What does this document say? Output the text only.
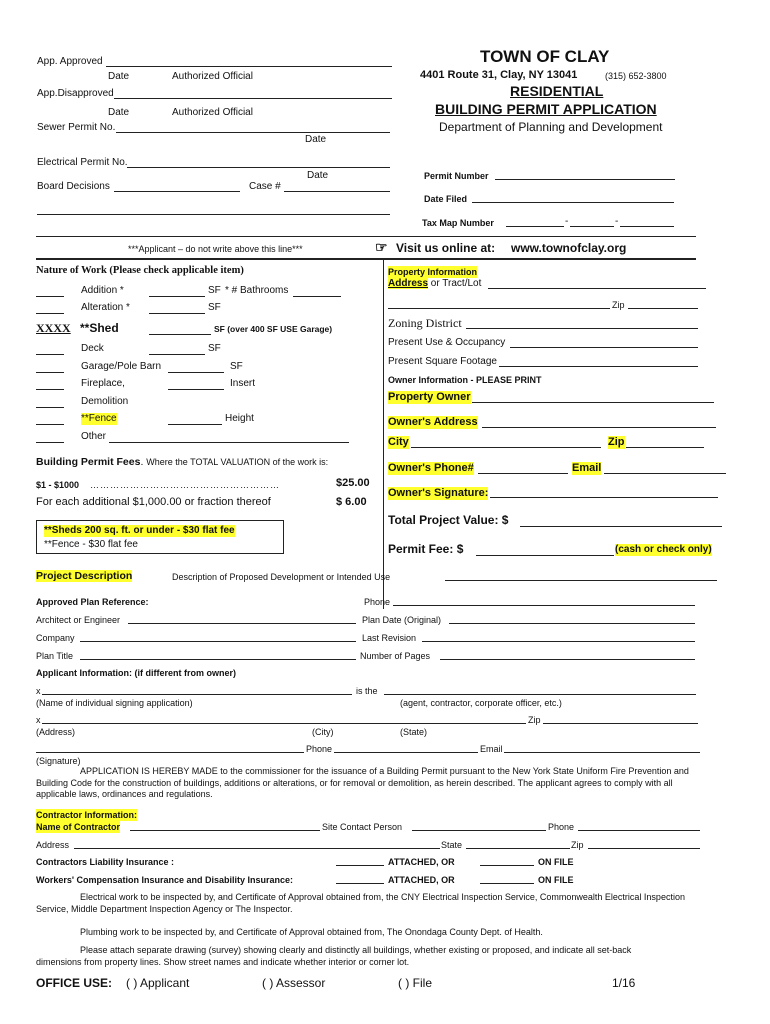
App. Approved
Date	Authorized Official
App.Disapproved
Date	Authorized Official
Sewer Permit No.
Date
Electrical Permit No.
Date
Board Decisions	Case #
TOWN OF CLAY
4401 Route 31, Clay, NY 13041	(315) 652-3800
RESIDENTIAL
BUILDING PERMIT APPLICATION
Department of Planning and Development
Permit Number
Date Filed
Tax Map Number	-	-
***Applicant – do not write above this line***	☞ Visit us online at: www.townofclay.org
Nature of Work (Please check applicable item)
Addition *	SF * # Bathrooms
Alteration *	SF
XXXX **Shed	SF (over 400 SF USE Garage)
Deck	SF
Garage/Pole Barn	SF
Fireplace,	Insert
Demolition
**Fence	Height
Other
Building Permit Fees. Where the TOTAL VALUATION of the work is:
$1 - $1000 …………………………………………………	$25.00
For each additional $1,000.00 or fraction thereof	$ 6.00
**Sheds 200 sq. ft. or under - $30 flat fee
**Fence - $30 flat fee
Property Information
Address or Tract/Lot
Zip
Zoning District
Present Use & Occupancy
Present Square Footage
Owner Information - PLEASE PRINT
Property Owner
Owner's Address
City	Zip
Owner's Phone#	Email
Owner's Signature:
Total Project Value: $
Permit Fee: $	(cash or check only)
Project Description	Description of Proposed Development or Intended Use
Approved Plan Reference:	Phone
Architect or Engineer	Plan Date (Original)
Company	Last Revision
Plan Title	Number of Pages
Applicant Information: (if different from owner)
x	is the
(Name of individual signing application)	(agent, contractor, corporate officer, etc.)
x	Zip
(Address)	(City)	(State)
Phone	Email
(Signature)
APPLICATION IS HEREBY MADE to the commissioner for the issuance of a Building Permit pursuant to the New York State Uniform Fire Prevention and Building Code for the construction of buildings, additions or alterations, or for removal or demolition, as herein described. The applicant agrees to comply with all applicable laws, ordinances and regulations.
Contractor Information:
Name of Contractor	Site Contact Person	Phone
Address	State	Zip
Contractors Liability Insurance :	ATTACHED, OR	ON FILE
Workers' Compensation Insurance and Disability Insurance:	ATTACHED, OR	ON FILE
Electrical work to be inspected by, and Certificate of Approval obtained from, the CNY Electrical Inspection Service, Commonwealth Electrical Inspection Service, Middle Department Inspection Agency or The Inspector.
Plumbing work to be inspected by, and Certificate of Approval obtained from, The Onondaga County Dept. of Health.
Please attach separate drawing (survey) showing clearly and distinctly all buildings, whether existing or proposed, and indicate all set-back dimensions from property lines. Show street names and indicate whether interior or corner lot.
OFFICE USE: ( ) Applicant	( ) Assessor	( ) File	1/16
